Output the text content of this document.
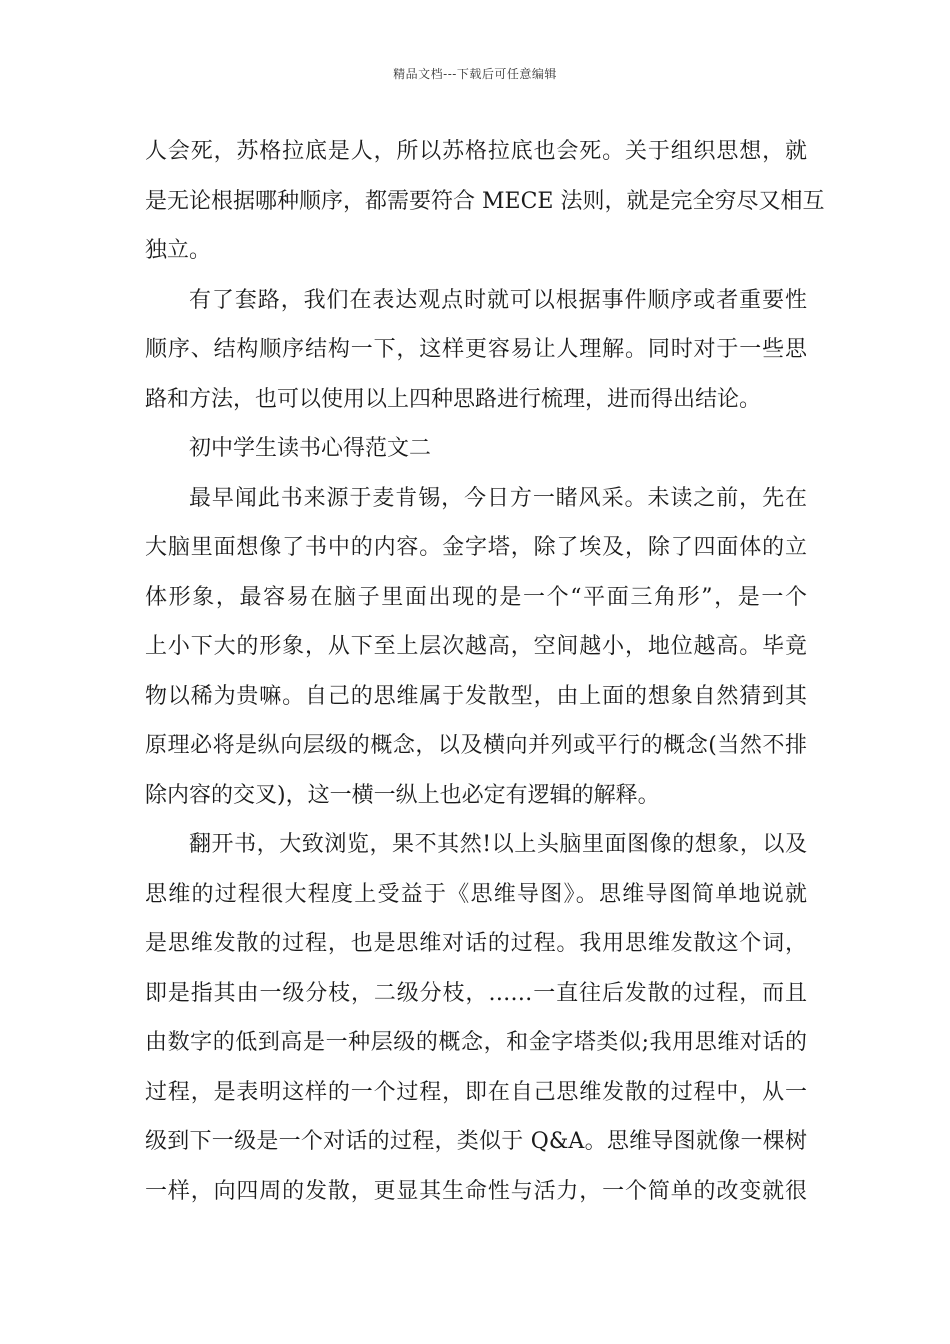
精品文档---下载后可任意编辑
人会死，苏格拉底是人，所以苏格拉底也会死。关于组织思想，就
是无论根据哪种顺序，都需要符合 MECE 法则，就是完全穷尽又相互
独立。
有了套路，我们在表达观点时就可以根据事件顺序或者重要性
顺序、结构顺序结构一下，这样更容易让人理解。同时对于一些思
路和方法，也可以使用以上四种思路进行梳理，进而得出结论。
初中学生读书心得范文二
最早闻此书来源于麦肯锡，今日方一睹风采。未读之前，先在
大脑里面想像了书中的内容。金字塔，除了埃及，除了四面体的立
体形象，最容易在脑子里面出现的是一个“平面三角形”，是一个
上小下大的形象，从下至上层次越高，空间越小，地位越高。毕竟
物以稀为贵嘛。自己的思维属于发散型，由上面的想象自然猜到其
原理必将是纵向层级的概念，以及横向并列或平行的概念(当然不排
除内容的交叉)，这一横一纵上也必定有逻辑的解释。
翻开书，大致浏览，果不其然!以上头脑里面图像的想象，以及
思维的过程很大程度上受益于《思维导图》。思维导图简单地说就
是思维发散的过程，也是思维对话的过程。我用思维发散这个词，
即是指其由一级分枝，二级分枝，……一直往后发散的过程，而且
由数字的低到高是一种层级的概念，和金字塔类似;我用思维对话的
过程，是表明这样的一个过程，即在自己思维发散的过程中，从一
级到下一级是一个对话的过程，类似于 Q&A。思维导图就像一棵树
一样，向四周的发散，更显其生命性与活力，一个简单的改变就很
